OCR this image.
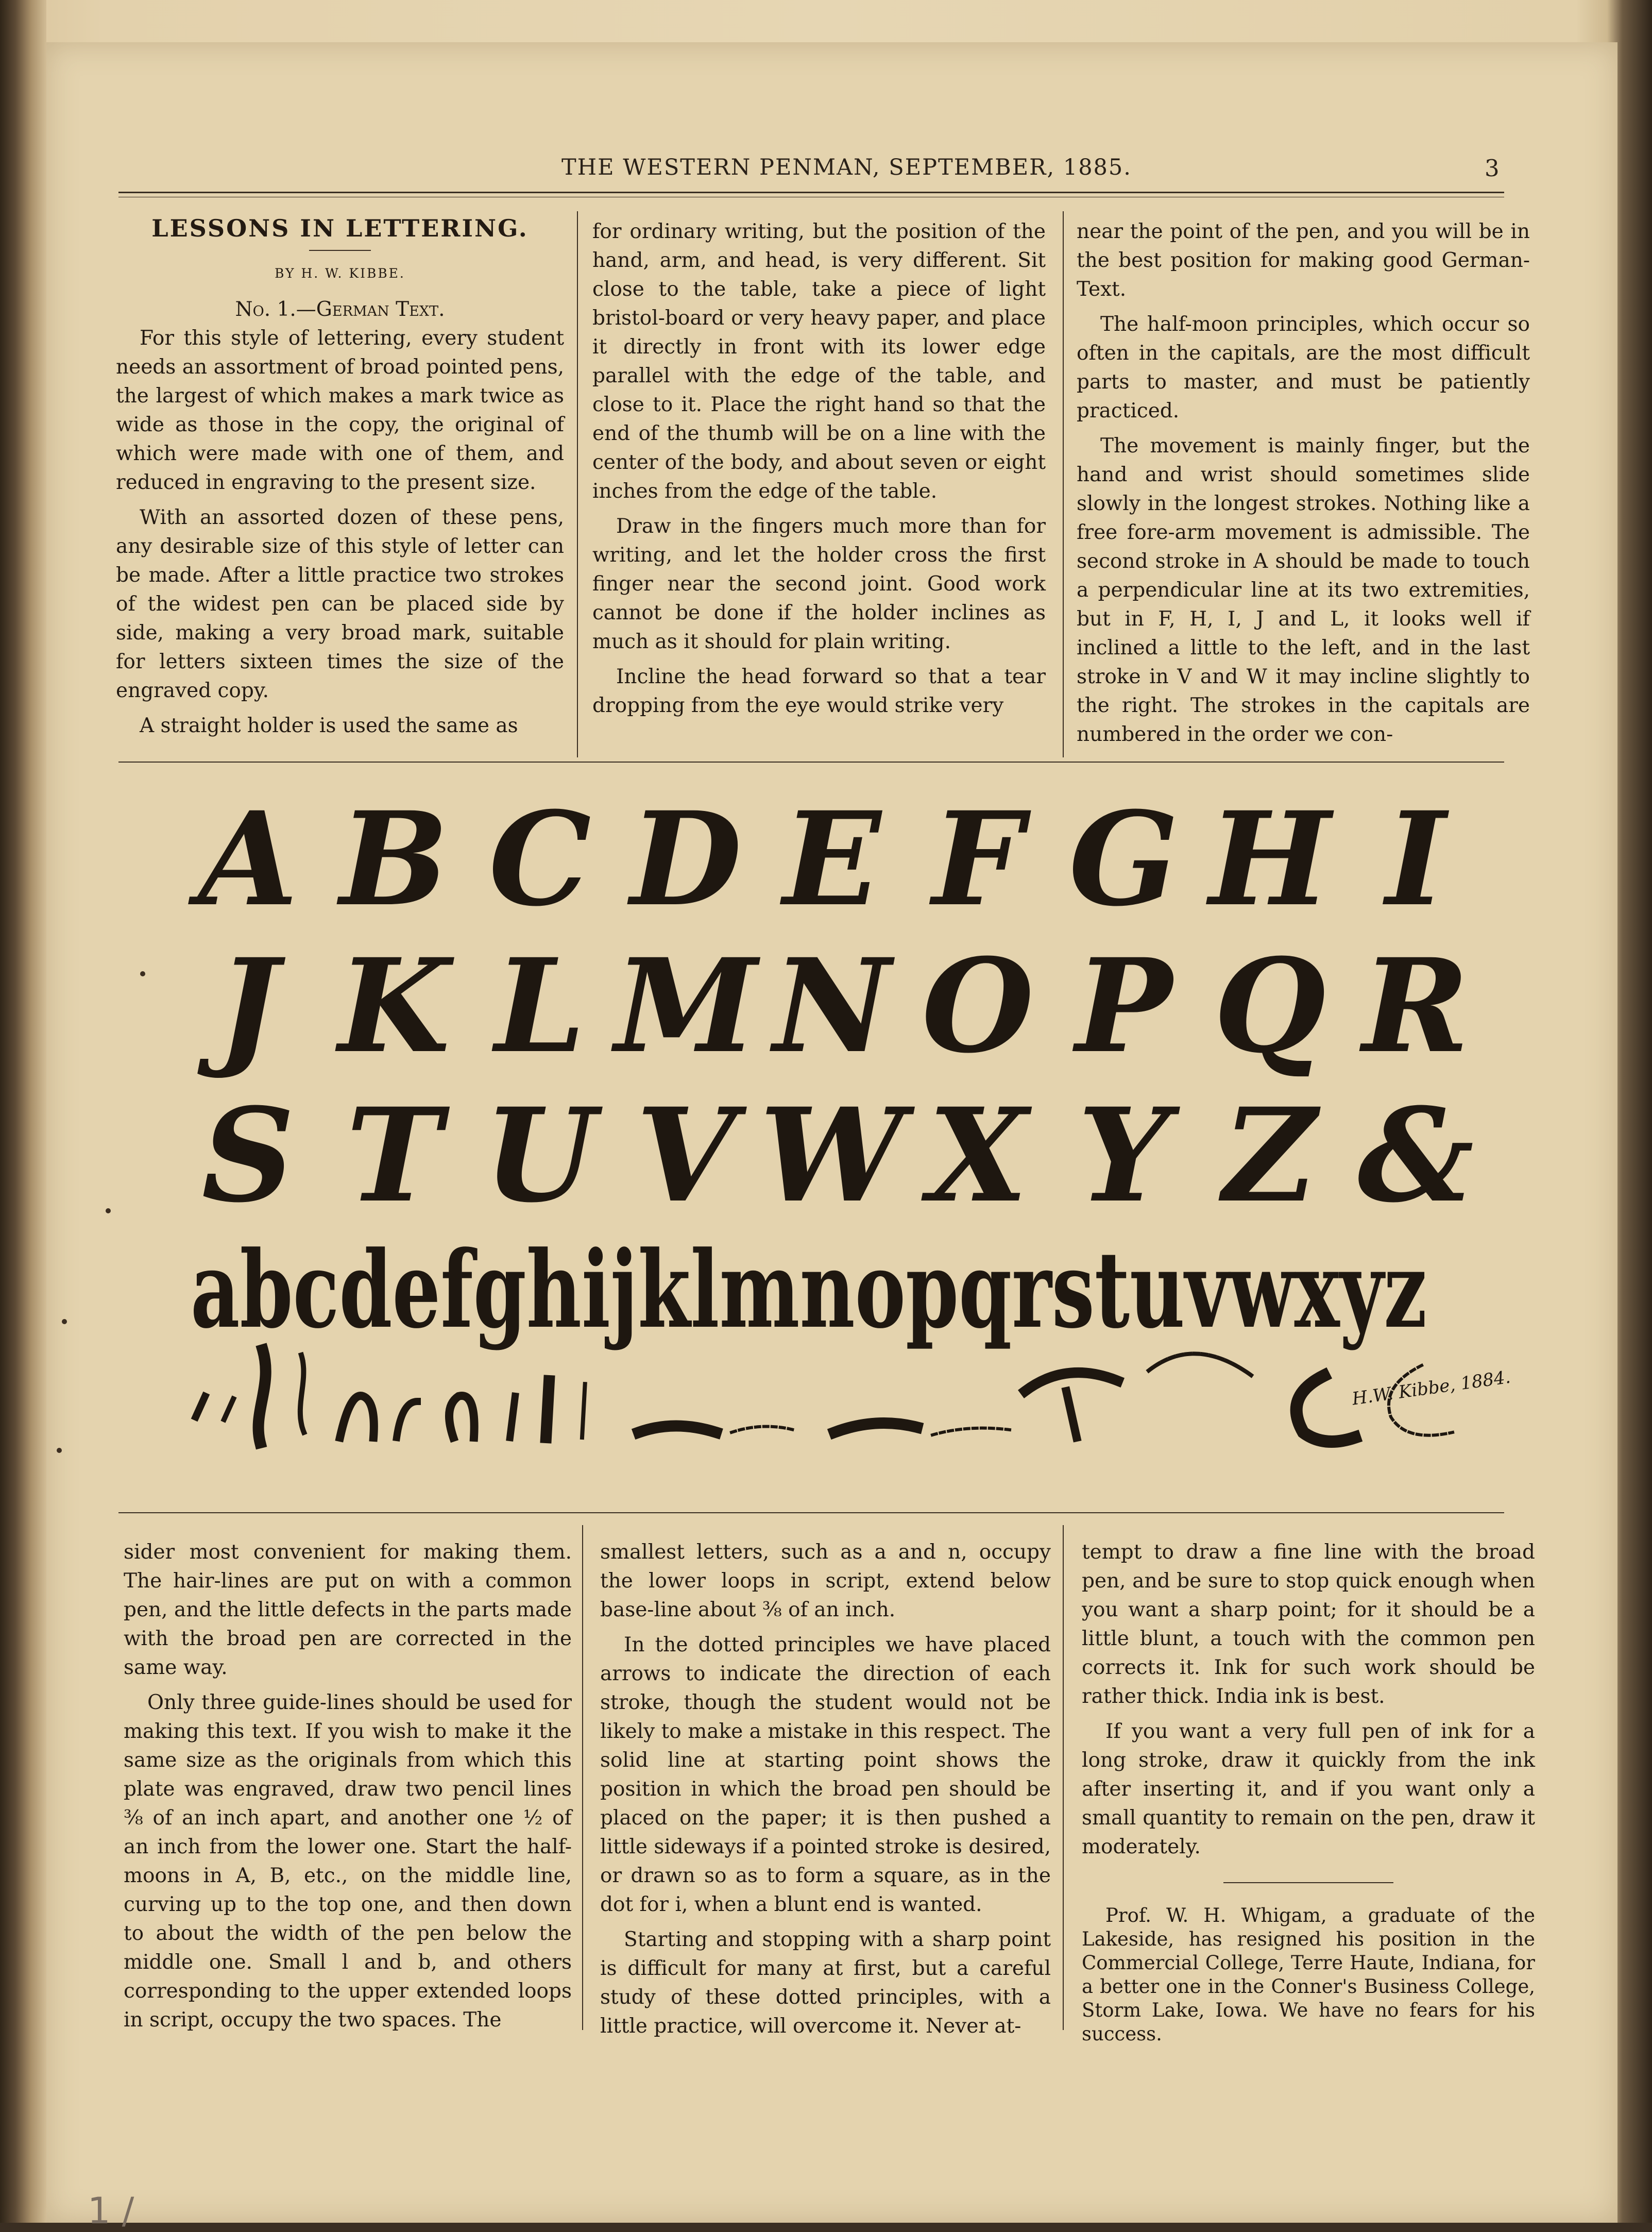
THE WESTERN PENMAN, SEPTEMBER, 1885.	3
LESSONS IN LETTERING.
BY H. W. KIBBE.
No. 1.—German Text.

For this style of lettering, every student needs an assortment of broad pointed pens, the largest of which makes a mark twice as wide as those in the copy, the original of which were made with one of them, and reduced in engraving to the present size.

With an assorted dozen of these pens, any desirable size of this style of letter can be made. After a little practice two strokes of the widest pen can be placed side by side, making a very broad mark, suitable for letters sixteen times the size of the engraved copy.

A straight holder is used the same as

for ordinary writing, but the position of the hand, arm, and head, is very different. Sit close to the table, take a piece of light bristol-board or very heavy paper, and place it directly in front with its lower edge parallel with the edge of the table, and close to it. Place the right hand so that the end of the thumb will be on a line with the center of the body, and about seven or eight inches from the edge of the table.

Draw in the fingers much more than for writing, and let the holder cross the first finger near the second joint. Good work cannot be done if the holder inclines as much as it should for plain writing.

Incline the head forward so that a tear dropping from the eye would strike very

near the point of the pen, and you will be in the best position for making good German-Text.

The half-moon principles, which occur so often in the capitals, are the most difficult parts to master, and must be patiently practiced.

The movement is mainly finger, but the hand and wrist should sometimes slide slowly in the longest strokes. Nothing like a free fore-arm movement is admissible. The second stroke in A should be made to touch a perpendicular line at its two extremities, but in F, H, I, J and L, it looks well if inclined a little to the left, and in the last stroke in V and W it may incline slightly to the right. The strokes in the capitals are numbered in the order we con-

A B C D E F G H I
J K L M N O P Q R
S T U V W X Y Z &
abcdefghijklmnopqrstuvwxyz
H.W. Kibbe, 1884.

sider most convenient for making them. The hair-lines are put on with a common pen, and the little defects in the parts made with the broad pen are corrected in the same way.

Only three guide-lines should be used for making this text. If you wish to make it the same size as the originals from which this plate was engraved, draw two pencil lines ⅜ of an inch apart, and another one ½ of an inch from the lower one. Start the half-moons in A, B, etc., on the middle line, curving up to the top one, and then down to about the width of the pen below the middle one. Small l and b, and others corresponding to the upper extended loops in script, occupy the two spaces. The

smallest letters, such as a and n, occupy the lower loops in script, extend below base-line about ⅜ of an inch.

In the dotted principles we have placed arrows to indicate the direction of each stroke, though the student would not be likely to make a mistake in this respect. The solid line at starting point shows the position in which the broad pen should be placed on the paper; it is then pushed a little sideways if a pointed stroke is desired, or drawn so as to form a square, as in the dot for i, when a blunt end is wanted.

Starting and stopping with a sharp point is difficult for many at first, but a careful study of these dotted principles, with a little practice, will overcome it. Never at-

tempt to draw a fine line with the broad pen, and be sure to stop quick enough when you want a sharp point; for it should be a little blunt, a touch with the common pen corrects it. Ink for such work should be rather thick. India ink is best.

If you want a very full pen of ink for a long stroke, draw it quickly from the ink after inserting it, and if you want only a small quantity to remain on the pen, draw it moderately.

Prof. W. H. Whigam, a graduate of the Lakeside, has resigned his position in the Commercial College, Terre Haute, Indiana, for a better one in the Conner's Business College, Storm Lake, Iowa. We have no fears for his success.

1 /
